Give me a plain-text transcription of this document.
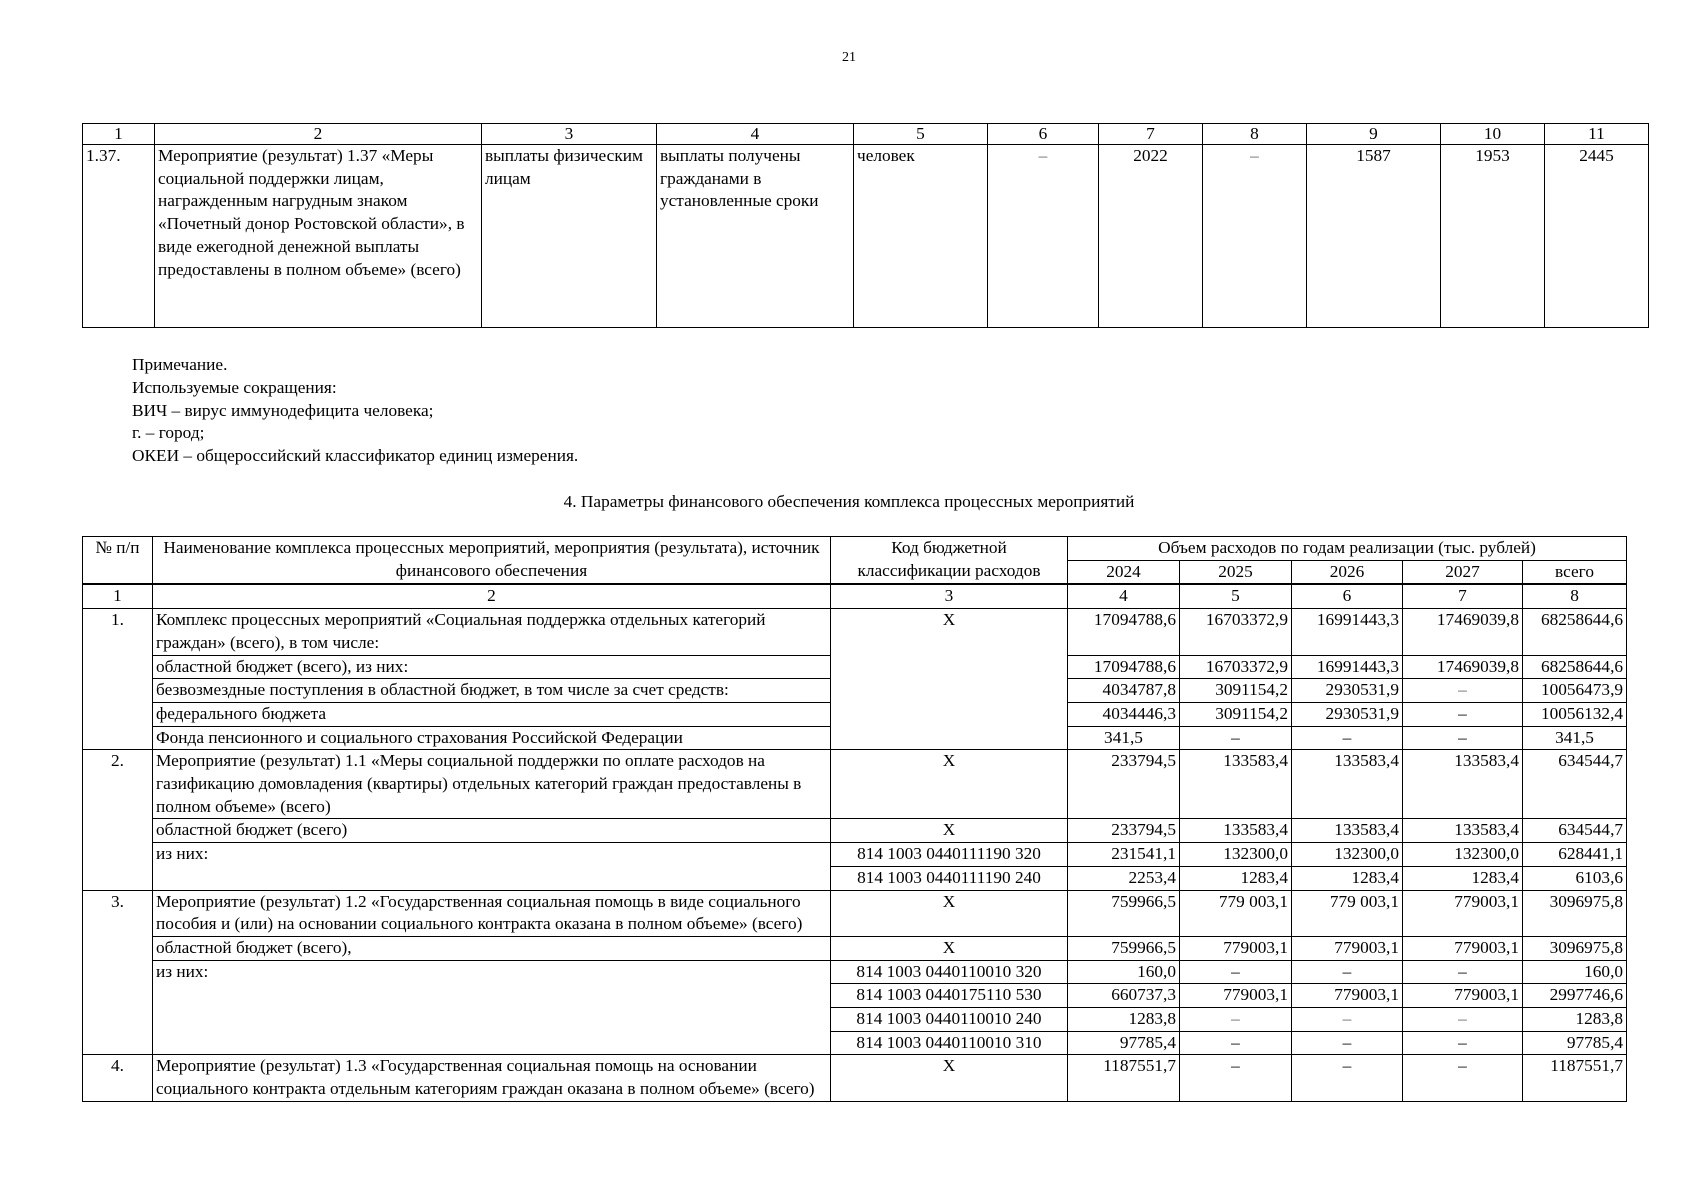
21
1	2	3	4	5	6	7	8	9	10	11
1.37.	Мероприятие (результат) 1.37 «Меры социальной поддержки лицам, награжденным нагрудным знаком «Почетный донор Ростовской области», в виде ежегодной денежной выплаты предоставлены в полном объеме» (всего)	выплаты физическим лицам	выплаты получены гражданами в установленные сроки	человек	–	2022	–	1587	1953	2445
Примечание.
Используемые сокращения:
ВИЧ – вирус иммунодефицита человека;
г. – город;
ОКЕИ – общероссийский классификатор единиц измерения.
4. Параметры финансового обеспечения комплекса процессных мероприятий
№ п/п	Наименование комплекса процессных мероприятий, мероприятия (результата), источник финансового обеспечения	Код бюджетной классификации расходов	Объем расходов по годам реализации (тыс. рублей)				
			2024	2025	2026	2027	всего
1	2	3	4	5	6	7	8
1.	Комплекс процессных мероприятий «Социальная поддержка отдельных категорий граждан» (всего), в том числе:	Х	17094788,6	16703372,9	16991443,3	17469039,8	68258644,6
	областной бюджет (всего), из них:		17094788,6	16703372,9	16991443,3	17469039,8	68258644,6
	безвозмездные поступления в областной бюджет, в том числе за счет средств:		4034787,8	3091154,2	2930531,9	–	10056473,9
	федерального бюджета		4034446,3	3091154,2	2930531,9	–	10056132,4
	Фонда пенсионного и социального страхования Российской Федерации		341,5	–	–	–	341,5
2.	Мероприятие (результат) 1.1 «Меры социальной поддержки по оплате расходов на газификацию домовладения (квартиры) отдельных категорий граждан предоставлены в полном объеме» (всего)	Х	233794,5	133583,4	133583,4	133583,4	634544,7
	областной бюджет (всего)	Х	233794,5	133583,4	133583,4	133583,4	634544,7
	из них:	814 1003 0440111190 320	231541,1	132300,0	132300,0	132300,0	628441,1
		814 1003 0440111190 240	2253,4	1283,4	1283,4	1283,4	6103,6
3.	Мероприятие (результат) 1.2 «Государственная социальная помощь в виде социального пособия и (или) на основании социального контракта оказана в полном объеме» (всего)	Х	759966,5	779 003,1	779 003,1	779003,1	3096975,8
	областной бюджет (всего),	Х	759966,5	779003,1	779003,1	779003,1	3096975,8
	из них:	814 1003 0440110010 320	160,0	–	–	–	160,0
		814 1003 0440175110 530	660737,3	779003,1	779003,1	779003,1	2997746,6
		814 1003 0440110010 240	1283,8	–	–	–	1283,8
		814 1003 0440110010 310	97785,4	–	–	–	97785,4
4.	Мероприятие (результат) 1.3 «Государственная социальная помощь на основании социального контракта отдельным категориям граждан оказана в полном объеме» (всего)	Х	1187551,7	–	–	–	1187551,7
